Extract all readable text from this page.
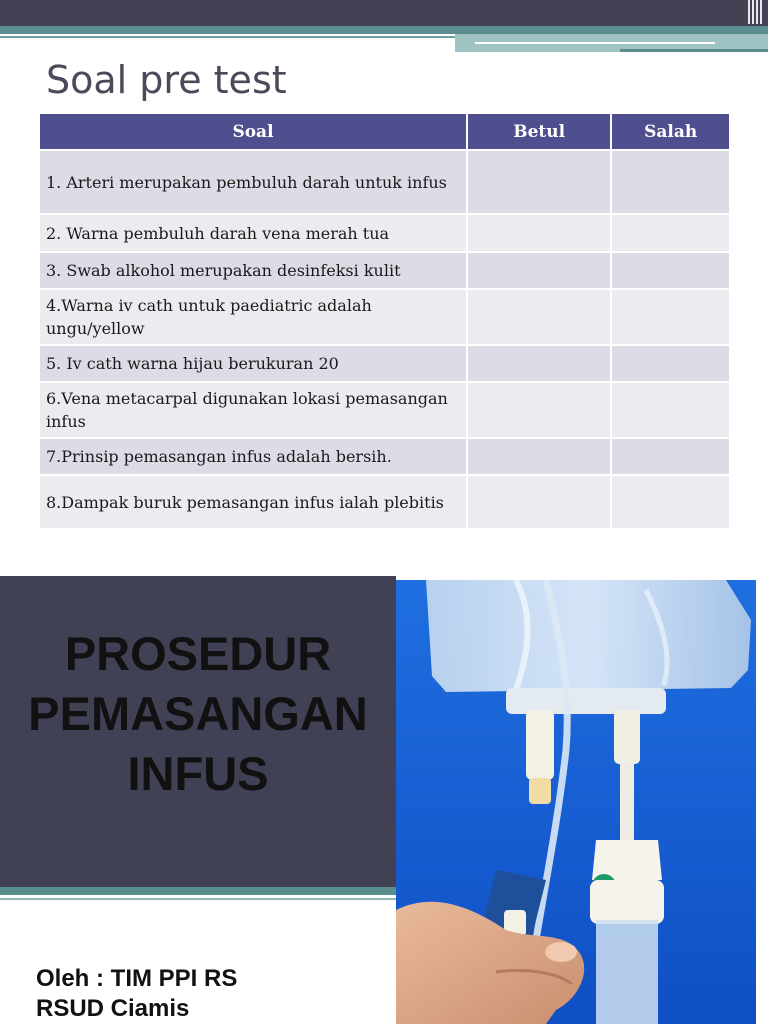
Soal pre test
Soal	Betul	Salah
1. Arteri merupakan pembuluh darah untuk infus		
2. Warna pembuluh darah vena merah tua		
3. Swab alkohol merupakan desinfeksi kulit		
4.Warna iv cath untuk paediatric adalah ungu/yellow		
5. Iv cath warna hijau berukuran 20		
6.Vena metacarpal digunakan lokasi pemasangan infus		
7.Prinsip pemasangan infus adalah bersih.		
8.Dampak buruk pemasangan infus ialah plebitis		
PROSEDUR
PEMASANGAN
INFUS
Oleh : TIM PPI RS
RSUD Ciamis
